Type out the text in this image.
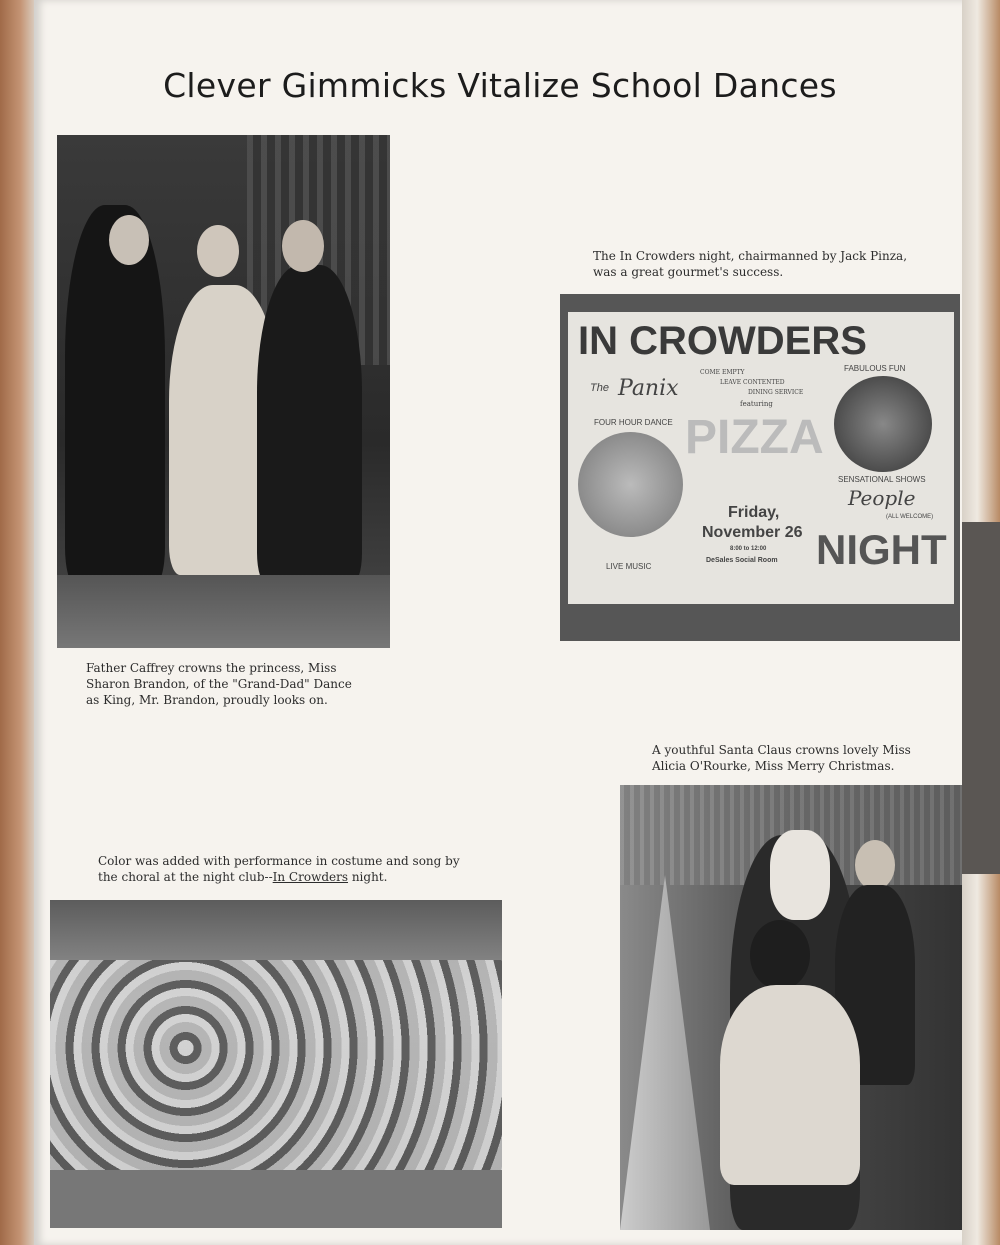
Clever Gimmicks Vitalize School Dances

Father Caffrey crowns the princess, Miss

Sharon Brandon, of the "Grand-Dad" Dance

as King, Mr. Brandon, proudly looks on.

The In Crowders night, chairmanned by Jack Pinza,

was a great gourmet's success.

IN CROWDERS
The Panix
FOUR HOUR DANCE
LIVE MUSIC
COME EMPTY
LEAVE CONTENTED
DINING SERVICE
featuring
PIZZA
FABULOUS FUN
SENSATIONAL SHOWS
People
(ALL WELCOME)
Friday,
November 26
8:00 to 12:00
DeSales Social Room NIGHT

A youthful Santa Claus crowns lovely Miss

Alicia O'Rourke, Miss Merry Christmas.

Color was added with performance in costume and song by

the choral at the night club--In Crowders night.
